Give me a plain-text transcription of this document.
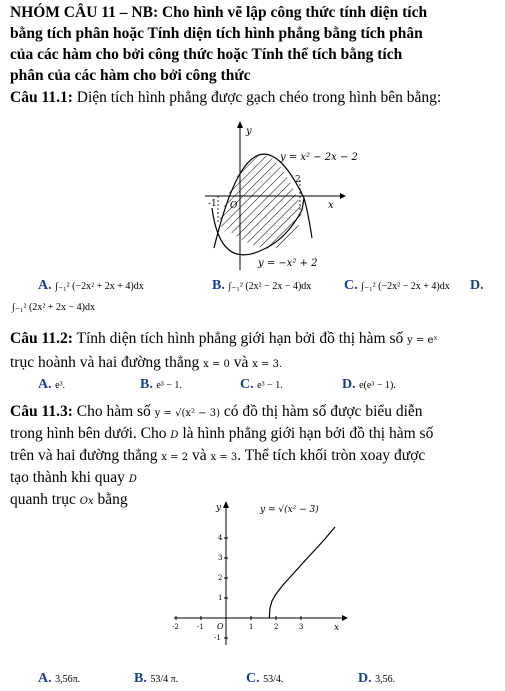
NHÓM CÂU 11 – NB: Cho hình vẽ lập công thức tính diện tích
bằng tích phân hoặc Tính diện tích hình phẳng bằng tích phân
của các hàm cho bởi công thức hoặc Tính thể tích bằng tích
phân của các hàm cho bởi công thức
Câu 11.1: Diện tích hình phẳng được gạch chéo trong hình bên bằng:
y
x
O
-1
2
y = x² − 2x − 2
y = −x² + 2
A. ∫₋₁² (−2x² + 2x + 4)dx	B. ∫₋₁² (2x² − 2x − 4)dx C. ∫₋₁² (−2x² − 2x + 4)dx D.
∫₋₁² (2x² + 2x − 4)dx
Câu 11.2: Tính diện tích hình phẳng giới hạn bởi đồ thị hàm số y = eˣ
trục hoành và hai đường thẳng x = 0 và x = 3.
A. e³.	B. e³ − 1.	C. e³ − 1.	D. e(e³ − 1).
Câu 11.3: Cho hàm số y = √(x² − 3) có đồ thị hàm số được biểu diễn
trong hình bên dưới. Cho D là hình phẳng giới hạn bởi đồ thị hàm số
trên và hai đường thẳng x = 2 và x = 3. Thể tích khối tròn xoay được
tạo thành khi quay D
quanh trục Ox bằng	y
x
O
y = √(x² − 3)
-2	-1	1	2	3
4
3
2
1
-1
A. 3,56π.	B. 53/4 π.	C. 53/4.	D. 3,56.
